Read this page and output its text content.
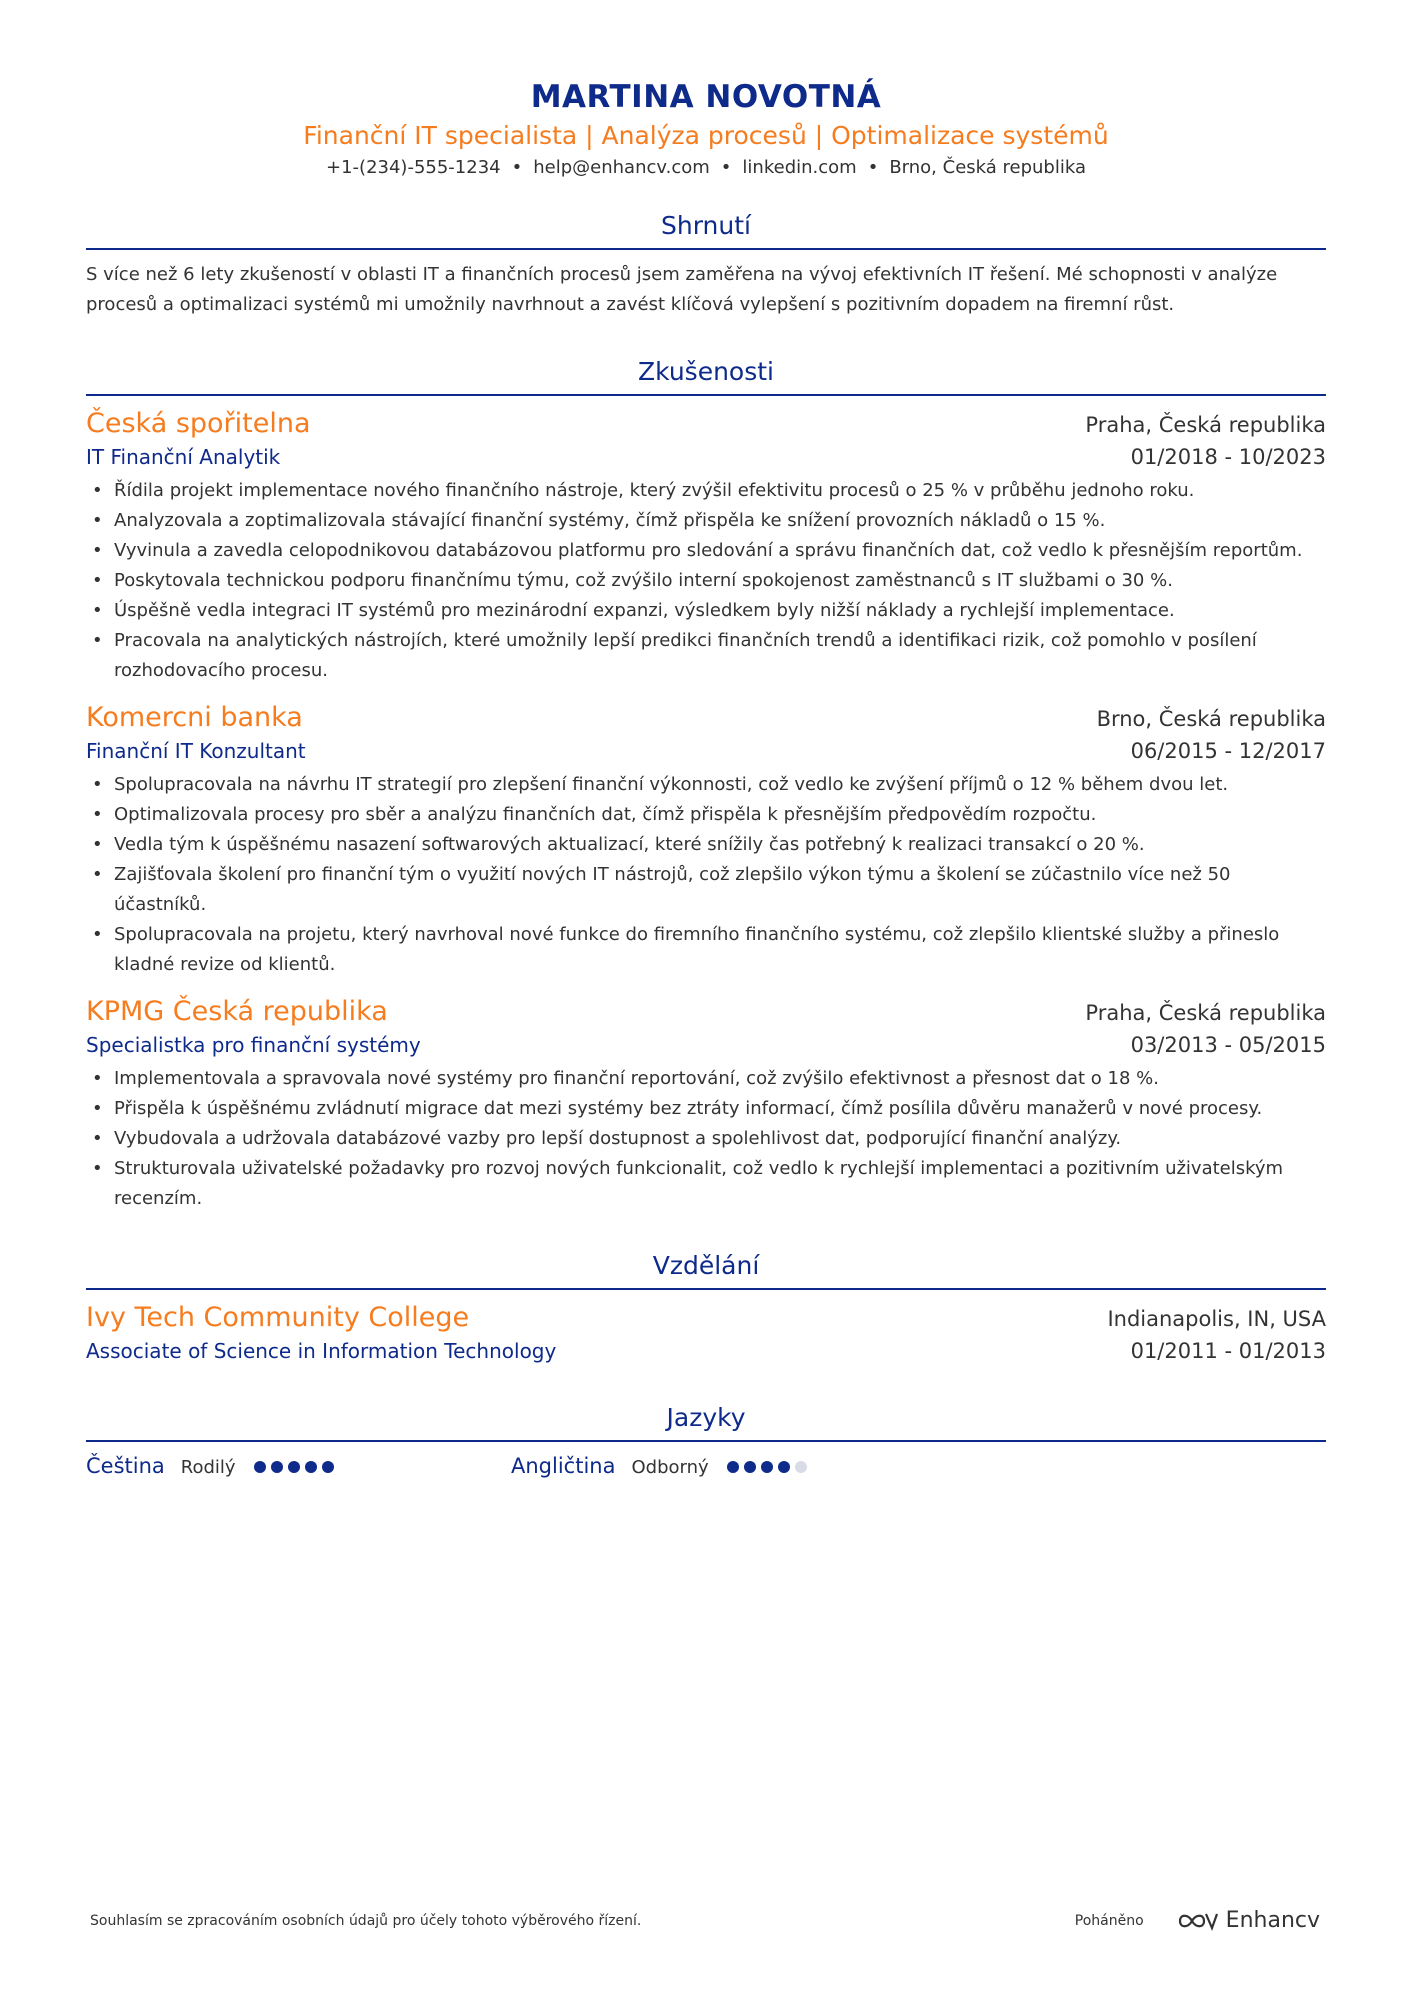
MARTINA NOVOTNÁ
Finanční IT specialista | Analýza procesů | Optimalizace systémů
+1-(234)-555-1234 • help@enhancv.com • linkedin.com • Brno, Česká republika
Shrnutí
S více než 6 lety zkušeností v oblasti IT a finančních procesů jsem zaměřena na vývoj efektivních IT řešení. Mé schopnosti v analýze procesů a optimalizaci systémů mi umožnily navrhnout a zavést klíčová vylepšení s pozitivním dopadem na firemní růst.
Zkušenosti
Česká spořitelna	Praha, Česká republika
IT Finanční Analytik	01/2018 - 10/2023
• Řídila projekt implementace nového finančního nástroje, který zvýšil efektivitu procesů o 25 % v průběhu jednoho roku.
• Analyzovala a zoptimalizovala stávající finanční systémy, čímž přispěla ke snížení provozních nákladů o 15 %.
• Vyvinula a zavedla celopodnikovou databázovou platformu pro sledování a správu finančních dat, což vedlo k přesnějším reportům.
• Poskytovala technickou podporu finančnímu týmu, což zvýšilo interní spokojenost zaměstnanců s IT službami o 30 %.
• Úspěšně vedla integraci IT systémů pro mezinárodní expanzi, výsledkem byly nižší náklady a rychlejší implementace.
• Pracovala na analytických nástrojích, které umožnily lepší predikci finančních trendů a identifikaci rizik, což pomohlo v posílení rozhodovacího procesu.
Komercni banka	Brno, Česká republika
Finanční IT Konzultant	06/2015 - 12/2017
• Spolupracovala na návrhu IT strategií pro zlepšení finanční výkonnosti, což vedlo ke zvýšení příjmů o 12 % během dvou let.
• Optimalizovala procesy pro sběr a analýzu finančních dat, čímž přispěla k přesnějším předpovědím rozpočtu.
• Vedla tým k úspěšnému nasazení softwarových aktualizací, které snížily čas potřebný k realizaci transakcí o 20 %.
• Zajišťovala školení pro finanční tým o využití nových IT nástrojů, což zlepšilo výkon týmu a školení se zúčastnilo více než 50 účastníků.
• Spolupracovala na projetu, který navrhoval nové funkce do firemního finančního systému, což zlepšilo klientské služby a přineslo kladné revize od klientů.
KPMG Česká republika	Praha, Česká republika
Specialistka pro finanční systémy	03/2013 - 05/2015
• Implementovala a spravovala nové systémy pro finanční reportování, což zvýšilo efektivnost a přesnost dat o 18 %.
• Přispěla k úspěšnému zvládnutí migrace dat mezi systémy bez ztráty informací, čímž posílila důvěru manažerů v nové procesy.
• Vybudovala a udržovala databázové vazby pro lepší dostupnost a spolehlivost dat, podporující finanční analýzy.
• Strukturovala uživatelské požadavky pro rozvoj nových funkcionalit, což vedlo k rychlejší implementaci a pozitivním uživatelským recenzím.
Vzdělání
Ivy Tech Community College	Indianapolis, IN, USA
Associate of Science in Information Technology	01/2011 - 01/2013
Jazyky
Čeština Rodilý	Angličtina Odborný
Souhlasím se zpracováním osobních údajů pro účely tohoto výběrového řízení.	Poháněno	Enhancv
